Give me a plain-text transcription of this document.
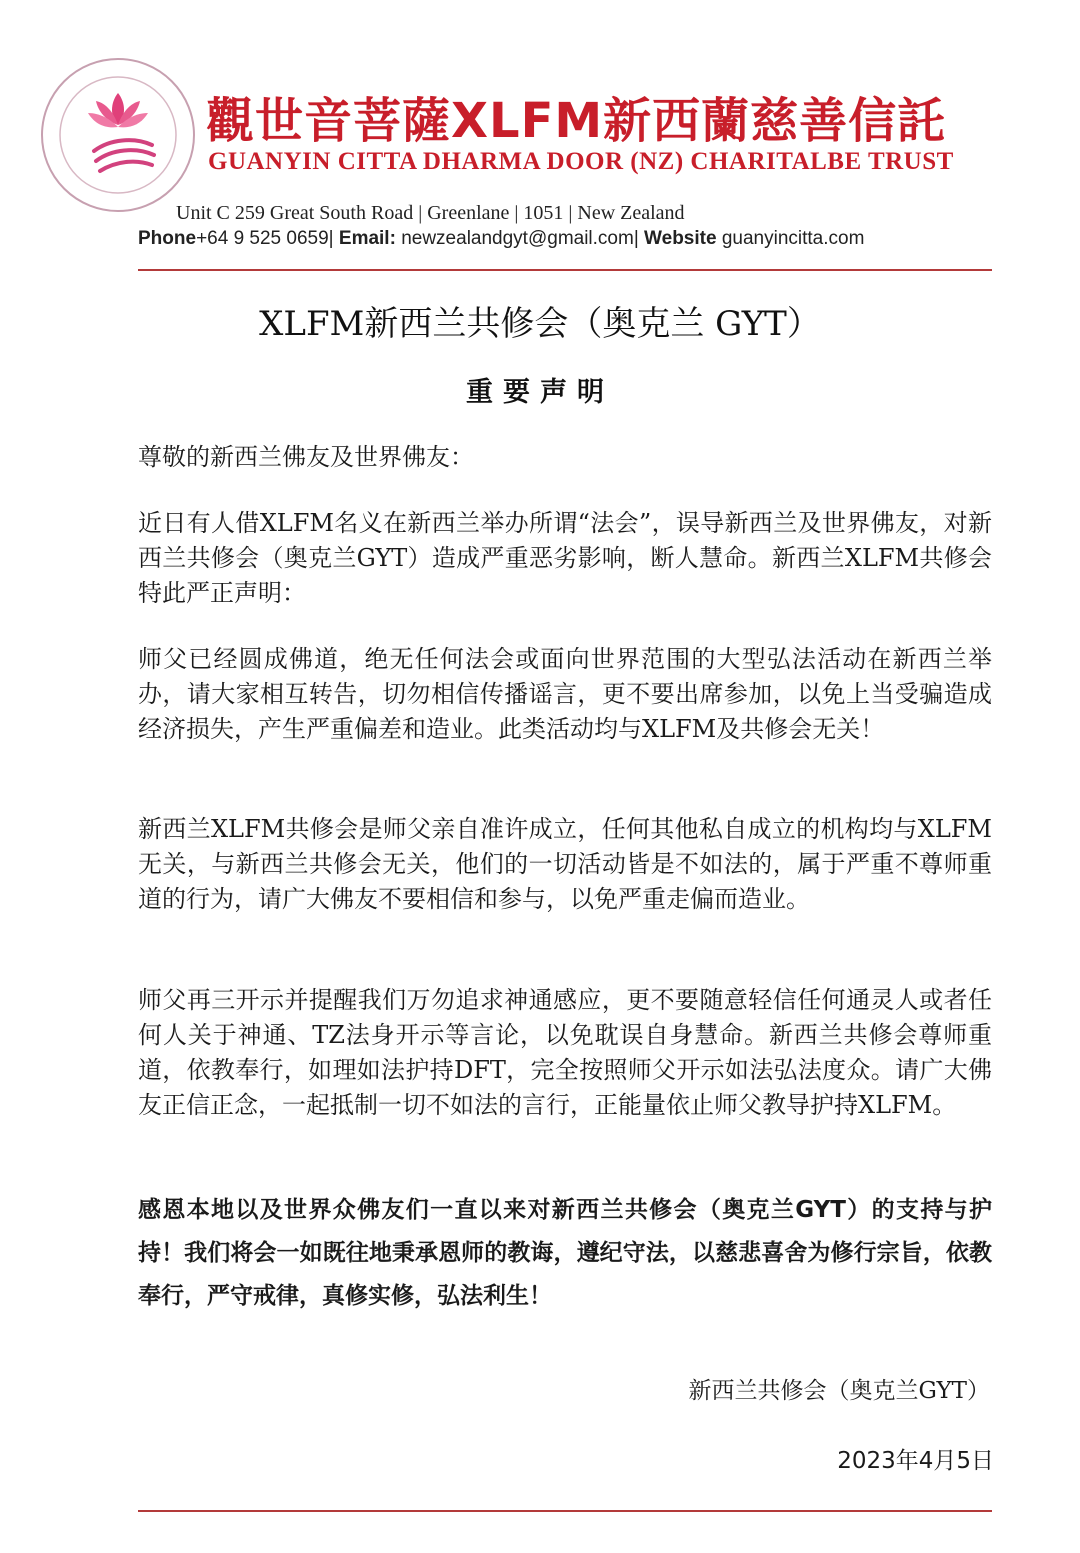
觀世音菩薩XLFM新西蘭慈善信託
GUANYIN CITTA DHARMA DOOR (NZ) CHARITALBE TRUST
Unit C 259 Great South Road | Greenlane | 1051 | New Zealand
Phone+64 9 525 0659| Email: newzealandgyt@gmail.com| Website guanyincitta.com
XLFM新西兰共修会（奥克兰 GYT）
重要声明
尊敬的新西兰佛友及世界佛友：
近日有人借XLFM名义在新西兰举办所谓“法会”，误导新西兰及世界佛友，对新西兰共修会（奥克兰GYT）造成严重恶劣影响，断人慧命。新西兰XLFM共修会特此严正声明：
师父已经圆成佛道，绝无任何法会或面向世界范围的大型弘法活动在新西兰举办，请大家相互转告，切勿相信传播谣言，更不要出席参加，以免上当受骗造成经济损失，产生严重偏差和造业。此类活动均与XLFM及共修会无关！
新西兰XLFM共修会是师父亲自准许成立，任何其他私自成立的机构均与XLFM无关，与新西兰共修会无关，他们的一切活动皆是不如法的，属于严重不尊师重道的行为，请广大佛友不要相信和参与，以免严重走偏而造业。
师父再三开示并提醒我们万勿追求神通感应，更不要随意轻信任何通灵人或者任何人关于神通、TZ法身开示等言论，以免耽误自身慧命。新西兰共修会尊师重道，依教奉行，如理如法护持DFT，完全按照师父开示如法弘法度众。请广大佛友正信正念，一起抵制一切不如法的言行，正能量依止师父教导护持XLFM。
感恩本地以及世界众佛友们一直以来对新西兰共修会（奥克兰GYT）的支持与护持！我们将会一如既往地秉承恩师的教诲，遵纪守法，以慈悲喜舍为修行宗旨，依教奉行，严守戒律，真修实修，弘法利生！
新西兰共修会（奥克兰GYT）
2023年4月5日
